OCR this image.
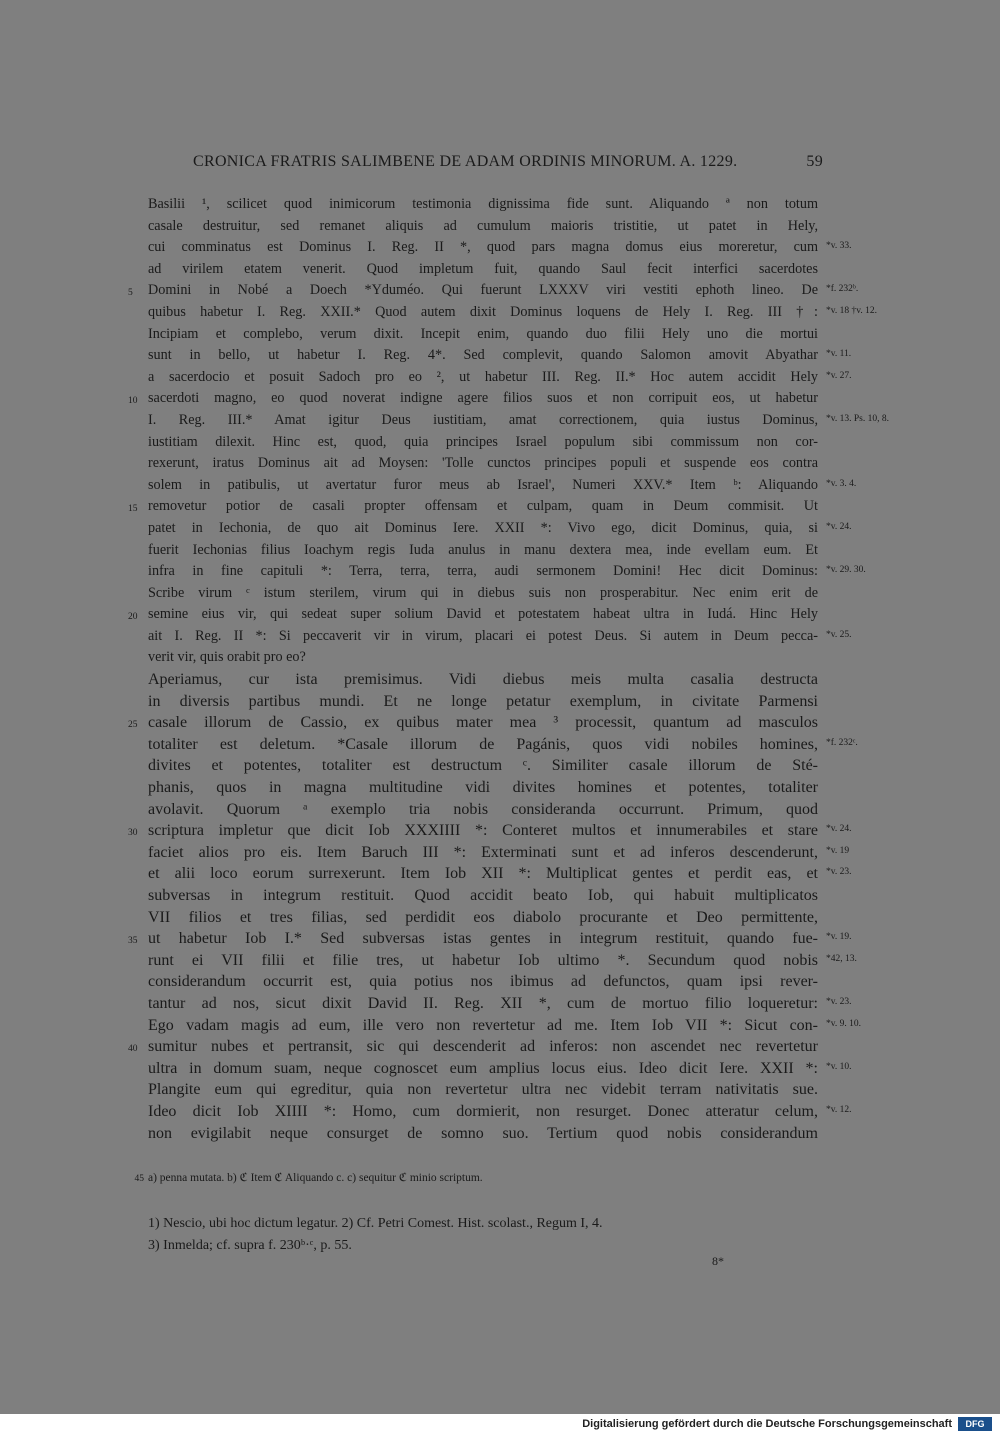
CRONICA FRATRIS SALIMBENE DE ADAM ORDINIS MINORUM. A. 1229.	59
Basilii ¹, scilicet quod inimicorum testimonia dignissima fide sunt. Aliquando ª non totum
casale destruitur, sed remanet aliquis ad cumulum maioris tristitie, ut patet in Hely,
cui comminatus est Dominus I. Reg. II *, quod pars magna domus eius moreretur, cum *v. 33.
ad virilem etatem venerit. Quod impletum fuit, quando Saul fecit interfici sacerdotes
Domini in Nobé a Doech *Yduméo. Qui fuerunt LXXXV viri vestiti ephoth lineo. De
5	*f. 232ᵇ.
quibus habetur I. Reg. XXII.* Quod autem dixit Dominus loquens de Hely I. Reg. III †: *v. 18 †v. 12.
Incipiam et complebo, verum dixit. Incepit enim, quando duo filii Hely uno die mortui
sunt in bello, ut habetur I. Reg. 4*. Sed complevit, quando Salomon amovit Abyathar *v. 11.
a sacerdocio et posuit Sadoch pro eo ², ut habetur III. Reg. II.* Hoc autem accidit Hely *v. 27.
sacerdoti magno, eo quod noverat indigne agere filios suos et non corripuit eos, ut habetur
10
I. Reg. III.* Amat igitur Deus iustitiam, amat correctionem, quia iustus Dominus, *v. 13. Ps. 10, 8.
iustitiam dilexit. Hinc est, quod, quia principes Israel populum sibi commissum non cor-
rexerunt, iratus Dominus ait ad Moysen: 'Tolle cunctos principes populi et suspende eos contra
solem in patibulis, ut avertatur furor meus ab Israel', Numeri XXV.* Item ᵇ: Aliquando *v. 3. 4.
removetur potior de casali propter offensam et culpam, quam in Deum commisit. Ut
15
patet in Iechonia, de quo ait Dominus Iere. XXII *: Vivo ego, dicit Dominus, quia, si *v. 24.
fuerit Iechonias filius Ioachym regis Iuda anulus in manu dextera mea, inde evellam eum. Et
infra in fine capituli *: Terra, terra, terra, audi sermonem Domini! Hec dicit Dominus: *v. 29. 30.
Scribe virum ᶜ istum sterilem, virum qui in diebus suis non prosperabitur. Nec enim erit de
semine eius vir, qui sedeat super solium David et potestatem habeat ultra in Iudá. Hinc Hely
20
ait I. Reg. II *: Si peccaverit vir in virum, placari ei potest Deus. Si autem in Deum pecca- *v. 25.
verit vir, quis orabit pro eo?
Aperiamus, cur ista premisimus. Vidi diebus meis multa casalia destructa
in diversis partibus mundi. Et ne longe petatur exemplum, in civitate Parmensi
casale illorum de Cassio, ex quibus mater mea ³ processit, quantum ad masculos
25
totaliter est deletum. *Casale illorum de Pagánis, quos vidi nobiles homines, *f. 232ᶜ.
divites et potentes, totaliter est destructum ᶜ. Similiter casale illorum de Sté-
phanis, quos in magna multitudine vidi divites homines et potentes, totaliter
avolavit. Quorum ᵃ exemplo tria nobis consideranda occurrunt. Primum, quod
scriptura impletur que dicit Iob XXXIIII *: Conteret multos et innumerabiles et stare
30	*v. 24.
faciet alios pro eis. Item Baruch III *: Exterminati sunt et ad inferos descenderunt, *v. 19
et alii loco eorum surrexerunt. Item Iob XII *: Multiplicat gentes et perdit eas, et *v. 23.
subversas in integrum restituit. Quod accidit beato Iob, qui habuit multiplicatos
VII filios et tres filias, sed perdidit eos diabolo procurante et Deo permittente,
ut habetur Iob I.* Sed subversas istas gentes in integrum restituit, quando fue-
35	*v. 19.
runt ei VII filii et filie tres, ut habetur Iob ultimo *. Secundum quod nobis *42, 13.
considerandum occurrit est, quia potius nos ibimus ad defunctos, quam ipsi rever-
tantur ad nos, sicut dixit David II. Reg. XII *, cum de mortuo filio loqueretur: *v. 23.
Ego vadam magis ad eum, ille vero non revertetur ad me. Item Iob VII *: Sicut con- *v. 9. 10.
sumitur nubes et pertransit, sic qui descenderit ad inferos: non ascendet nec revertetur
40
ultra in domum suam, neque cognoscet eum amplius locus eius. Ideo dicit Iere. XXII *: *v. 10.
Plangite eum qui egreditur, quia non revertetur ultra nec videbit terram nativitatis sue.
Ideo dicit Iob XIIII *: Homo, cum dormierit, non resurget. Donec atteratur celum, *v. 12.
non evigilabit neque consurget de somno suo. Tertium quod nobis considerandum
45 a) penna mutata. b) ℭ Item ℭ Aliquando c. c) sequitur ℭ minio scriptum.
1) Nescio, ubi hoc dictum legatur. 2) Cf. Petri Comest. Hist. scolast., Regum I, 4.
3) Inmelda; cf. supra f. 230ᵇ·ᶜ, p. 55.
8*
Digitalisierung gefördert durch die Deutsche Forschungsgemeinschaft	DFG
